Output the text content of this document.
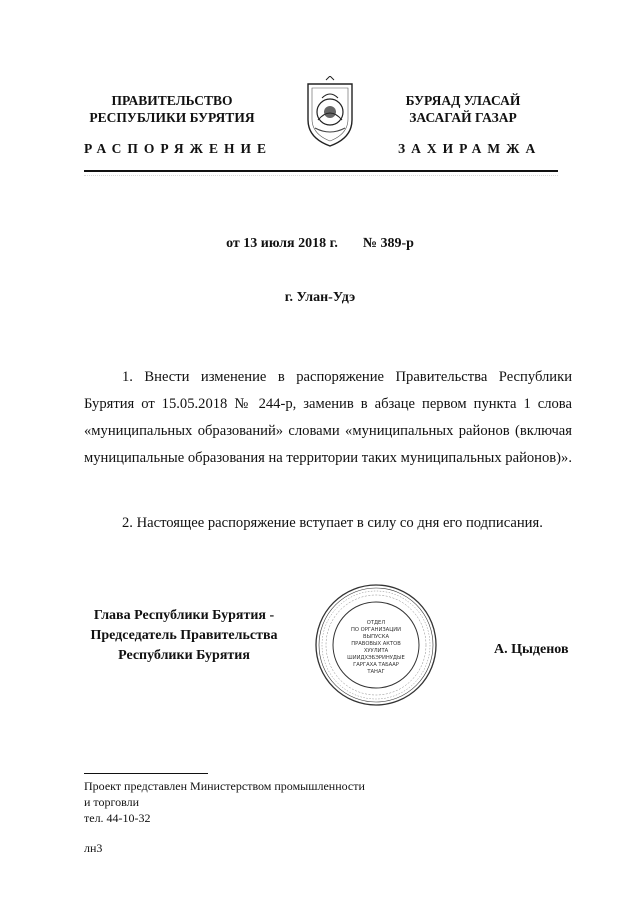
ПРАВИТЕЛЬСТВО
РЕСПУБЛИКИ БУРЯТИЯ
БУРЯАД УЛАСАЙ
ЗАСАГАЙ ГАЗАР
РАСПОРЯЖЕНИЕ	ЗАХИРАМЖА
от 13 июля 2018 г. № 389-р
г. Улан-Удэ

1. Внести изменение в распоряжение Правительства Республики Бурятия от 15.05.2018 № 244-р, заменив в абзаце первом пункта 1 слова «муниципальных образований» словами «муниципальных районов (включая муниципальные образования на территории таких муниципальных районов)».

2. Настоящее распоряжение вступает в силу со дня его подписания.

Глава Республики Бурятия -
Председатель Правительства
Республики Бурятия
ОТДЕЛ
ПО ОРГАНИЗАЦИИ
ВЫПУСКА
ПРАВОВЫХ АКТОВ
ХУУЛИТА
ШИИДХЭБЭРИНУДЫЕ
ГАРГАХА ТАБААР
ТАНАГ
А. Цыденов
Проект представлен Министерством промышленности
и торговли
тел. 44-10-32
лн3
